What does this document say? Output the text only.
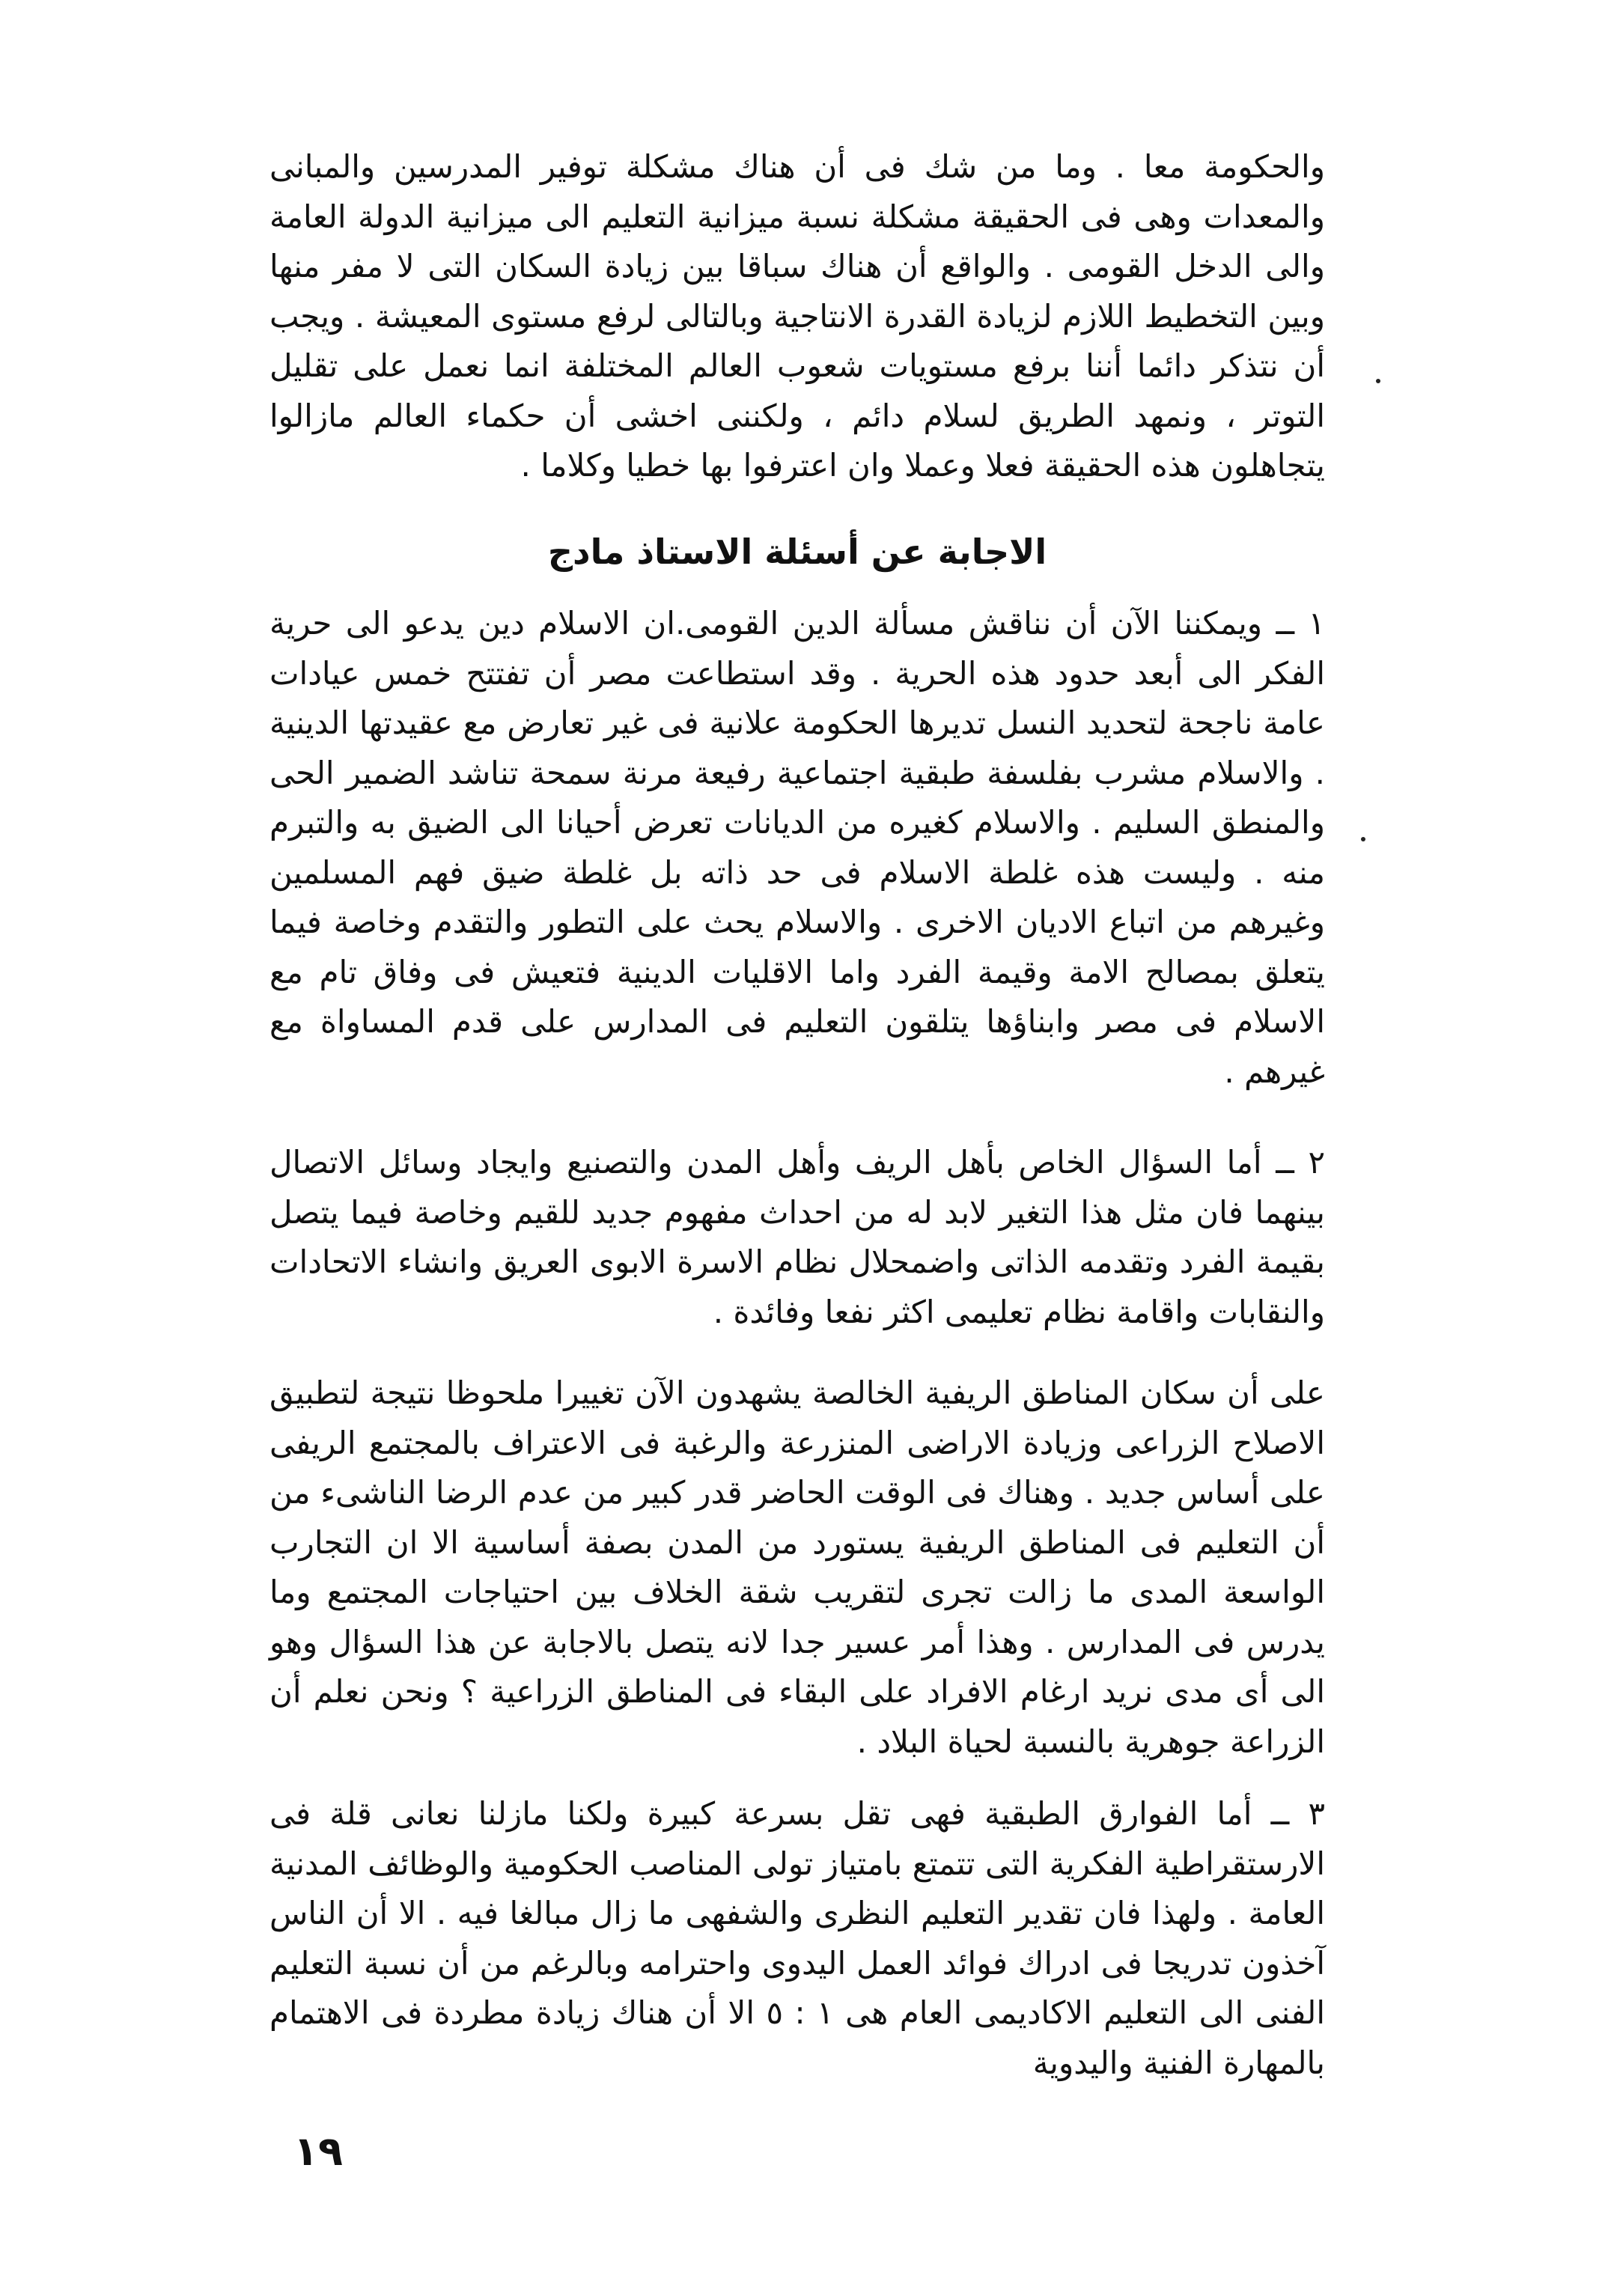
والحكومة معا . وما من شك فى أن هناك مشكلة توفير المدرسين والمبانى والمعدات وهى فى الحقيقة مشكلة نسبة ميزانية التعليم الى ميزانية الدولة العامة والى الدخل القومى . والواقع أن هناك سباقا بين زيادة السكان التى لا مفر منها وبين التخطيط اللازم لزيادة القدرة الانتاجية وبالتالى لرفع مستوى المعيشة . ويجب أن نتذكر دائما أننا برفع مستويات شعوب العالم المختلفة انما نعمل على تقليل التوتر ، ونمهد الطريق لسلام دائم ، ولكننى اخشى أن حكماء العالم مازالوا يتجاهلون هذه الحقيقة فعلا وعملا وان اعترفوا بها خطيا وكلاما .

الاجابة عن أسئلة الاستاذ مادج

١ ــ ويمكننا الآن أن نناقش مسألة الدين القومى.ان الاسلام دين يدعو الى حرية الفكر الى أبعد حدود هذه الحرية . وقد استطاعت مصر أن تفتتح خمس عيادات عامة ناجحة لتحديد النسل تديرها الحكومة علانية فى غير تعارض مع عقيدتها الدينية . والاسلام مشرب بفلسفة طبقية اجتماعية رفيعة مرنة سمحة تناشد الضمير الحى والمنطق السليم . والاسلام كغيره من الديانات تعرض أحيانا الى الضيق به والتبرم منه . وليست هذه غلطة الاسلام فى حد ذاته بل غلطة ضيق فهم المسلمين وغيرهم من اتباع الاديان الاخرى . والاسلام يحث على التطور والتقدم وخاصة فيما يتعلق بمصالح الامة وقيمة الفرد واما الاقليات الدينية فتعيش فى وفاق تام مع الاسلام فى مصر وابناؤها يتلقون التعليم فى المدارس على قدم المساواة مع غيرهم .

٢ ــ أما السؤال الخاص بأهل الريف وأهل المدن والتصنيع وايجاد وسائل الاتصال بينهما فان مثل هذا التغير لابد له من احداث مفهوم جديد للقيم وخاصة فيما يتصل بقيمة الفرد وتقدمه الذاتى واضمحلال نظام الاسرة الابوى العريق وانشاء الاتحادات والنقابات واقامة نظام تعليمى اكثر نفعا وفائدة .

على أن سكان المناطق الريفية الخالصة يشهدون الآن تغييرا ملحوظا نتيجة لتطبيق الاصلاح الزراعى وزيادة الاراضى المنزرعة والرغبة فى الاعتراف بالمجتمع الريفى على أساس جديد . وهناك فى الوقت الحاضر قدر كبير من عدم الرضا الناشىء من أن التعليم فى المناطق الريفية يستورد من المدن بصفة أساسية الا ان التجارب الواسعة المدى ما زالت تجرى لتقريب شقة الخلاف بين احتياجات المجتمع وما يدرس فى المدارس . وهذا أمر عسير جدا لانه يتصل بالاجابة عن هذا السؤال وهو الى أى مدى نريد ارغام الافراد على البقاء فى المناطق الزراعية ؟ ونحن نعلم أن الزراعة جوهرية بالنسبة لحياة البلاد .

٣ ــ أما الفوارق الطبقية فهى تقل بسرعة كبيرة ولكنا مازلنا نعانى قلة فى الارستقراطية الفكرية التى تتمتع بامتياز تولى المناصب الحكومية والوظائف المدنية العامة . ولهذا فان تقدير التعليم النظرى والشفهى ما زال مبالغا فيه . الا أن الناس آخذون تدريجا فى ادراك فوائد العمل اليدوى واحترامه وبالرغم من أن نسبة التعليم الفنى الى التعليم الاكاديمى العام هى ١ : ٥ الا أن هناك زيادة مطردة فى الاهتمام بالمهارة الفنية واليدوية

١٩
